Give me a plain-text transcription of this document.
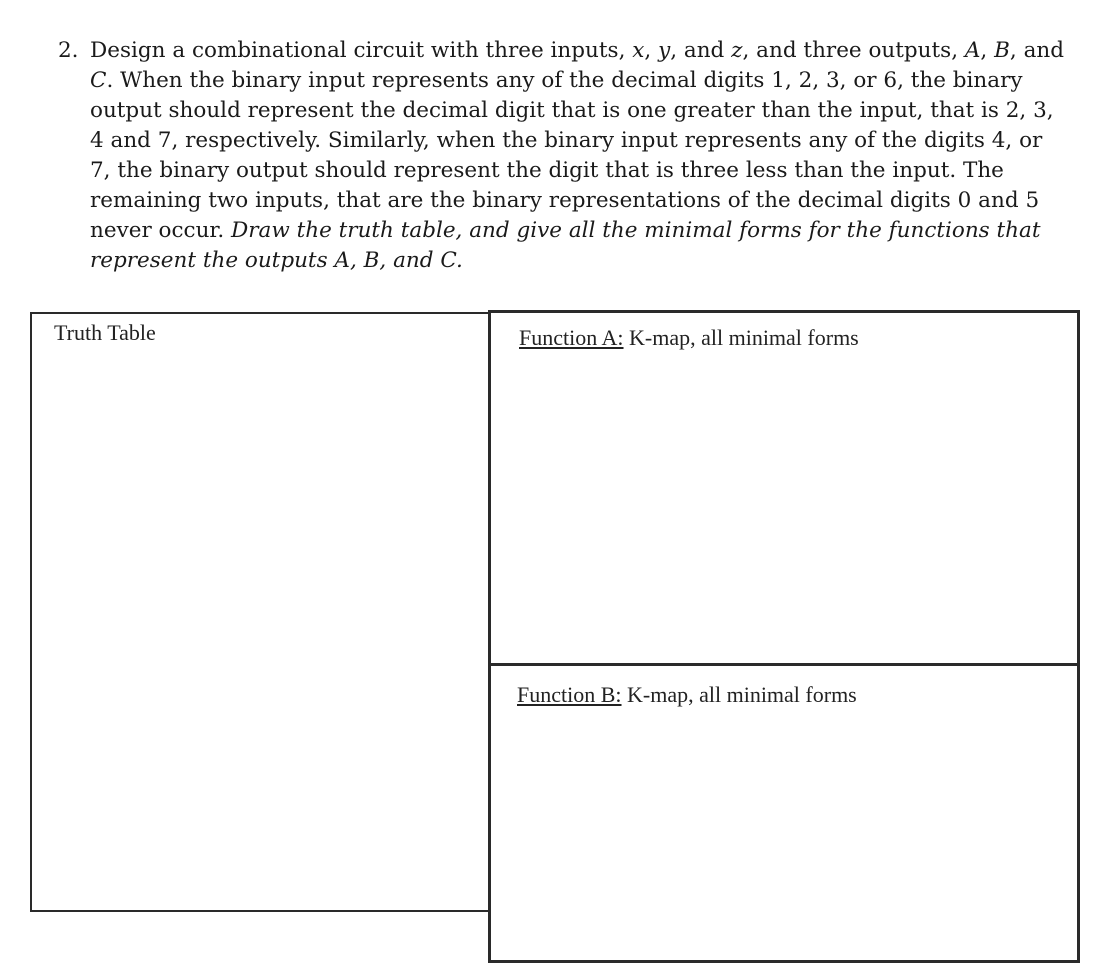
2. Design a combinational circuit with three inputs, x, y, and z, and three outputs, A, B, and C. When the binary input represents any of the decimal digits 1, 2, 3, or 6, the binary output should represent the decimal digit that is one greater than the input, that is 2, 3, 4 and 7, respectively. Similarly, when the binary input represents any of the digits 4, or 7, the binary output should represent the digit that is three less than the input. The remaining two inputs, that are the binary representations of the decimal digits 0 and 5 never occur. Draw the truth table, and give all the minimal forms for the functions that represent the outputs A, B, and C.
Truth Table	Function A: K-map, all minimal forms
Function B: K-map, all minimal forms
